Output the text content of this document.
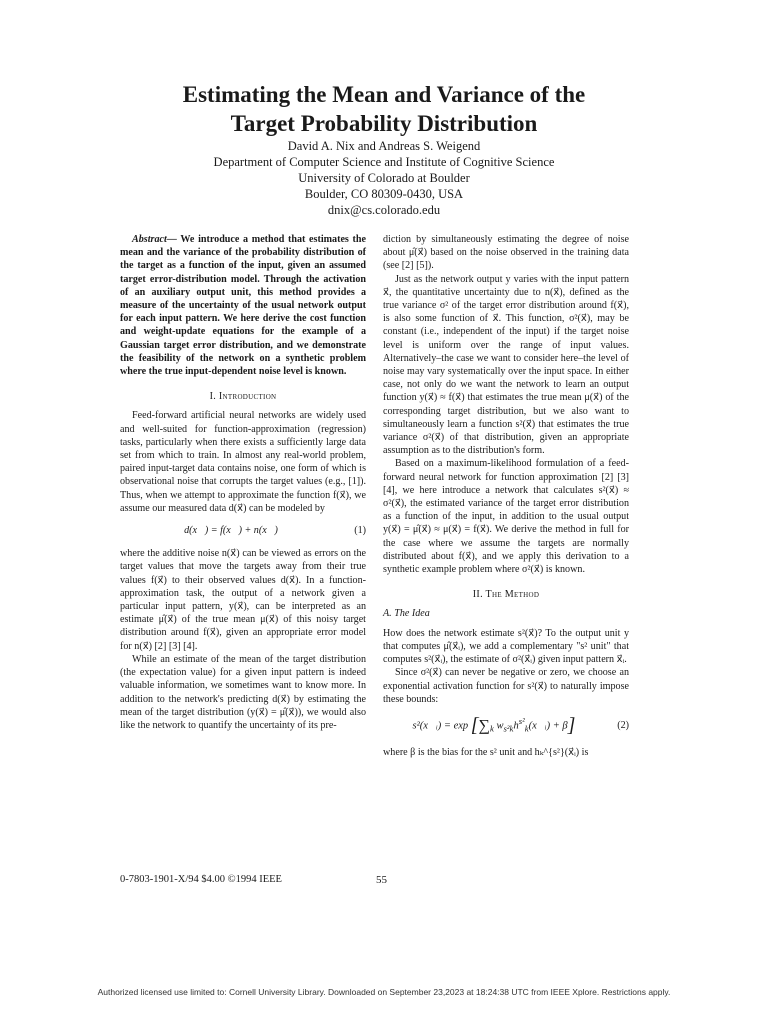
Estimating the Mean and Variance of the
Target Probability Distribution
David A. Nix and Andreas S. Weigend
Department of Computer Science and Institute of Cognitive Science
University of Colorado at Boulder
Boulder, CO 80309-0430, USA
dnix@cs.colorado.edu

Abstract— We introduce a method that estimates the mean and the variance of the probability distribution of the target as a function of the input, given an assumed target error-distribution model. Through the activation of an auxiliary output unit, this method provides a measure of the uncertainty of the usual network output for each input pattern. We here derive the cost function and weight-update equations for the example of a Gaussian target error distribution, and we demonstrate the feasibility of the network on a synthetic problem where the true input-dependent noise level is known.

I. Introduction

Feed-forward artificial neural networks are widely used and well-suited for function-approximation (regression) tasks, particularly when there exists a sufficiently large data set from which to train. In almost any real-world problem, paired input-target data contains noise, one form of which is observational noise that corrupts the target values (e.g., [1]). Thus, when we attempt to approximate the function f(x⃗), we assume our measured data d(x⃗) can be modeled by

d(x⃗) = f(x⃗) + n(x⃗)	(1)

where the additive noise n(x⃗) can be viewed as errors on the target values that move the targets away from their true values f(x⃗) to their observed values d(x⃗). In a function-approximation task, the output of a network given a particular input pattern, y(x⃗), can be interpreted as an estimate μ̂(x⃗) of the true mean μ(x⃗) of this noisy target distribution around f(x⃗), given an appropriate error model for n(x⃗) [2] [3] [4].

While an estimate of the mean of the target distribution (the expectation value) for a given input pattern is indeed valuable information, we sometimes want to know more. In addition to the network's predicting d(x⃗) by estimating the mean of the target distribution (y(x⃗) = μ̂(x⃗)), we would also like the network to quantify the uncertainty of its pre-

diction by simultaneously estimating the degree of noise about μ̂(x⃗) based on the noise observed in the training data (see [2] [5]).

Just as the network output y varies with the input pattern x⃗, the quantitative uncertainty due to n(x⃗), defined as the true variance σ² of the target error distribution around f(x⃗), is also some function of x⃗. This function, σ²(x⃗), may be constant (i.e., independent of the input) if the target noise level is uniform over the range of input values. Alternatively–the case we want to consider here–the level of noise may vary systematically over the input space. In either case, not only do we want the network to learn an output function y(x⃗) ≈ f(x⃗) that estimates the true mean μ(x⃗) of the corresponding target distribution, but we also want to simultaneously learn a function s²(x⃗) that estimates the true variance σ²(x⃗) of that distribution, given an appropriate assumption as to the distribution's form.

Based on a maximum-likelihood formulation of a feed-forward neural network for function approximation [2] [3] [4], we here introduce a network that calculates s²(x⃗) ≈ σ²(x⃗), the estimated variance of the target error distribution as a function of the input, in addition to the usual output y(x⃗) = μ̂(x⃗) ≈ μ(x⃗) = f(x⃗). We derive the method in full for the case where we assume the targets are normally distributed about f(x⃗), and we apply this derivation to a synthetic example problem where σ²(x⃗) is known.

II. The Method
A. The Idea

How does the network estimate s²(x⃗)? To the output unit y that computes μ̂(x⃗ᵢ), we add a complementary "s² unit" that computes s²(x⃗ᵢ), the estimate of σ²(x⃗ᵢ) given input pattern x⃗ᵢ.

Since σ²(x⃗) can never be negative or zero, we choose an exponential activation function for s²(x⃗) to naturally impose these bounds:

s²(x⃗ᵢ) = $\exp [\sum_k$ $w_{s^2k}h^{s^2}_k(x⃗ᵢ) + \beta$]	(2)

where β is the bias for the s² unit and hₖ^{s²}(x⃗ᵢ) is

0-7803-1901-X/94 $4.00 ©1994 IEEE	55
Authorized licensed use limited to: Cornell University Library. Downloaded on September 23,2023 at 18:24:38 UTC from IEEE Xplore. Restrictions apply.
